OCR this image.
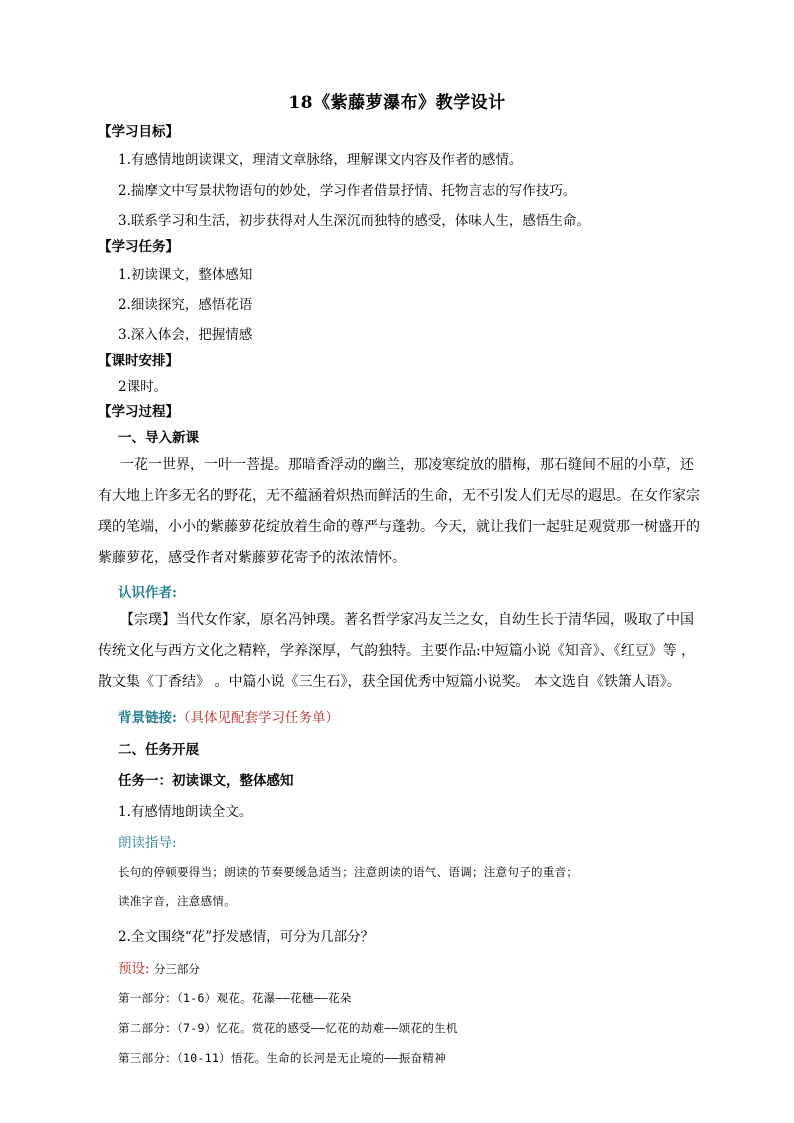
18《紫藤萝瀑布》教学设计
【学习目标】
1.有感情地朗读课文，理清文章脉络，理解课文内容及作者的感情。
2.揣摩文中写景状物语句的妙处，学习作者借景抒情、托物言志的写作技巧。
3.联系学习和生活，初步获得对人生深沉而独特的感受，体味人生，感悟生命。
【学习任务】
1.初读课文，整体感知
2.细读探究，感悟花语
3.深入体会，把握情感
【课时安排】
2课时。
【学习过程】
一、导入新课
一花一世界，一叶一菩提。那暗香浮动的幽兰，那凌寒绽放的腊梅，那石缝间不屈的小草，还有大地上许多无名的野花，无不蕴涵着炽热而鲜活的生命，无不引发人们无尽的遐思。在女作家宗璞的笔端，小小的紫藤萝花绽放着生命的尊严与蓬勃。今天，就让我们一起驻足观赏那一树盛开的紫藤萝花，感受作者对紫藤萝花寄予的浓浓情怀。
认识作者:
【宗璞】当代女作家，原名冯钟璞。著名哲学家冯友兰之女，自幼生长于清华园，吸取了中国传统文化与西方文化之精粹，学养深厚，气韵独特。主要作品:中短篇小说《知音》、《红豆》等 ，散文集《丁香结》 。中篇小说《三生石》，获全国优秀中短篇小说奖。 本文选自《铁箫人语》。
背景链接:（具体见配套学习任务单）
二、任务开展
任务一：初读课文，整体感知
1.有感情地朗读全文。
朗读指导:
长句的停顿要得当；朗读的节奏要缓急适当；注意朗读的语气、语调；注意句子的重音；
读准字音，注意感情。
2.全文围绕“花”抒发感情，可分为几部分？
预设: 分三部分
第一部分：（1-6）观花。花瀑——花穗——花朵
第二部分：（7-9）忆花。赏花的感受——忆花的劫难——颂花的生机
第三部分：（10-11）悟花。生命的长河是无止境的——振奋精神
